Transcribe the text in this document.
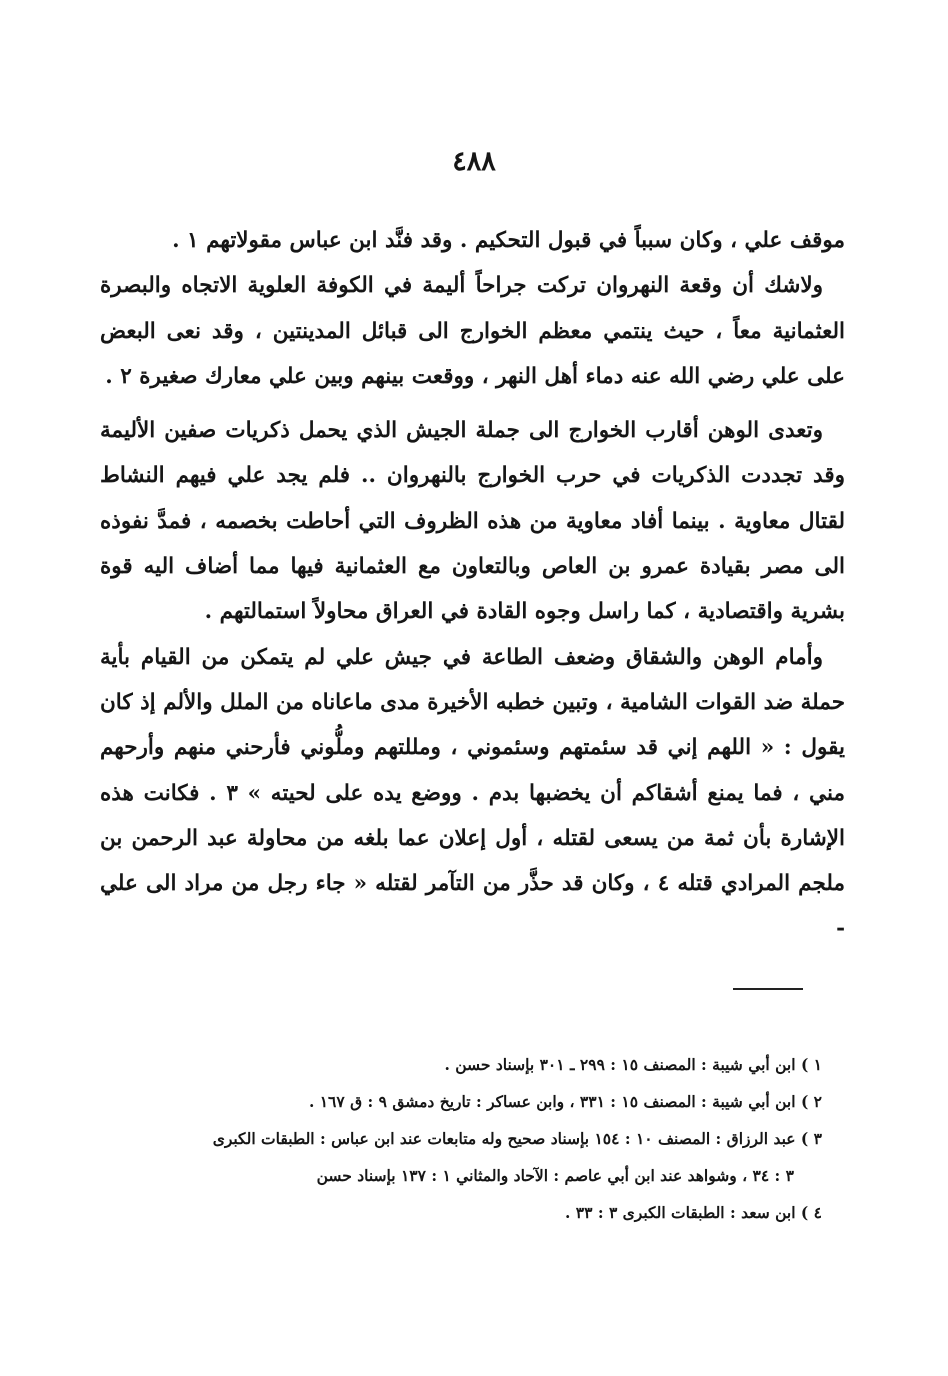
٤٨٨

موقف علي ، وكان سبباً في قبول التحكيم . وقد فنَّد ابن عباس مقولاتهم ١ .

ولاشك أن وقعة النهروان تركت جراحاً أليمة في الكوفة العلوية الاتجاه والبصرة العثمانية معاً ، حيث ينتمي معظم الخوارج الى قبائل المدينتين ، وقد نعى البعض على علي رضي الله عنه دماء أهل النهر ، ووقعت بينهم وبين علي معارك صغيرة ٢ .

وتعدى الوهن أقارب الخوارج الى جملة الجيش الذي يحمل ذكريات صفين الأليمة وقد تجددت الذكريات في حرب الخوارج بالنهروان .. فلم يجد علي فيهم النشاط لقتال معاوية . بينما أفاد معاوية من هذه الظروف التي أحاطت بخصمه ، فمدَّ نفوذه الى مصر بقيادة عمرو بن العاص وبالتعاون مع العثمانية فيها مما أضاف اليه قوة بشرية واقتصادية ، كما راسل وجوه القادة في العراق محاولاً استمالتهم .

وأمام الوهن والشقاق وضعف الطاعة في جيش علي لم يتمكن من القيام بأية حملة ضد القوات الشامية ، وتبين خطبه الأخيرة مدى ماعاناه من الملل والألم إذ كان يقول : « اللهم إني قد سئمتهم وسئموني ، ومللتهم وملُّوني فأرحني منهم وأرحهم مني ، فما يمنع أشقاكم أن يخضبها بدم . ووضع يده على لحيته » ٣ . فكانت هذه الإشارة بأن ثمة من يسعى لقتله ، أول إعلان عما بلغه من محاولة عبد الرحمن بن ملجم المرادي قتله ٤ ، وكان قد حذَّر من التآمر لقتله « جاء رجل من مراد الى علي -

١ ) ابن أبي شيبة : المصنف ١٥ : ٢٩٩ ـ ٣٠١ بإسناد حسن .

٢ ) ابن أبي شيبة : المصنف ١٥ : ٣٣١ ، وابن عساكر : تاريخ دمشق ٩ : ق ١٦٧ .

٣ ) عبد الرزاق : المصنف ١٠ : ١٥٤ بإسناد صحيح وله متابعات عند ابن عباس : الطبقات الكبرى

٣ : ٣٤ ، وشواهد عند ابن أبي عاصم : الآحاد والمثاني ١ : ١٣٧ بإسناد حسن

٤ ) ابن سعد : الطبقات الكبرى ٣ : ٣٣ .
